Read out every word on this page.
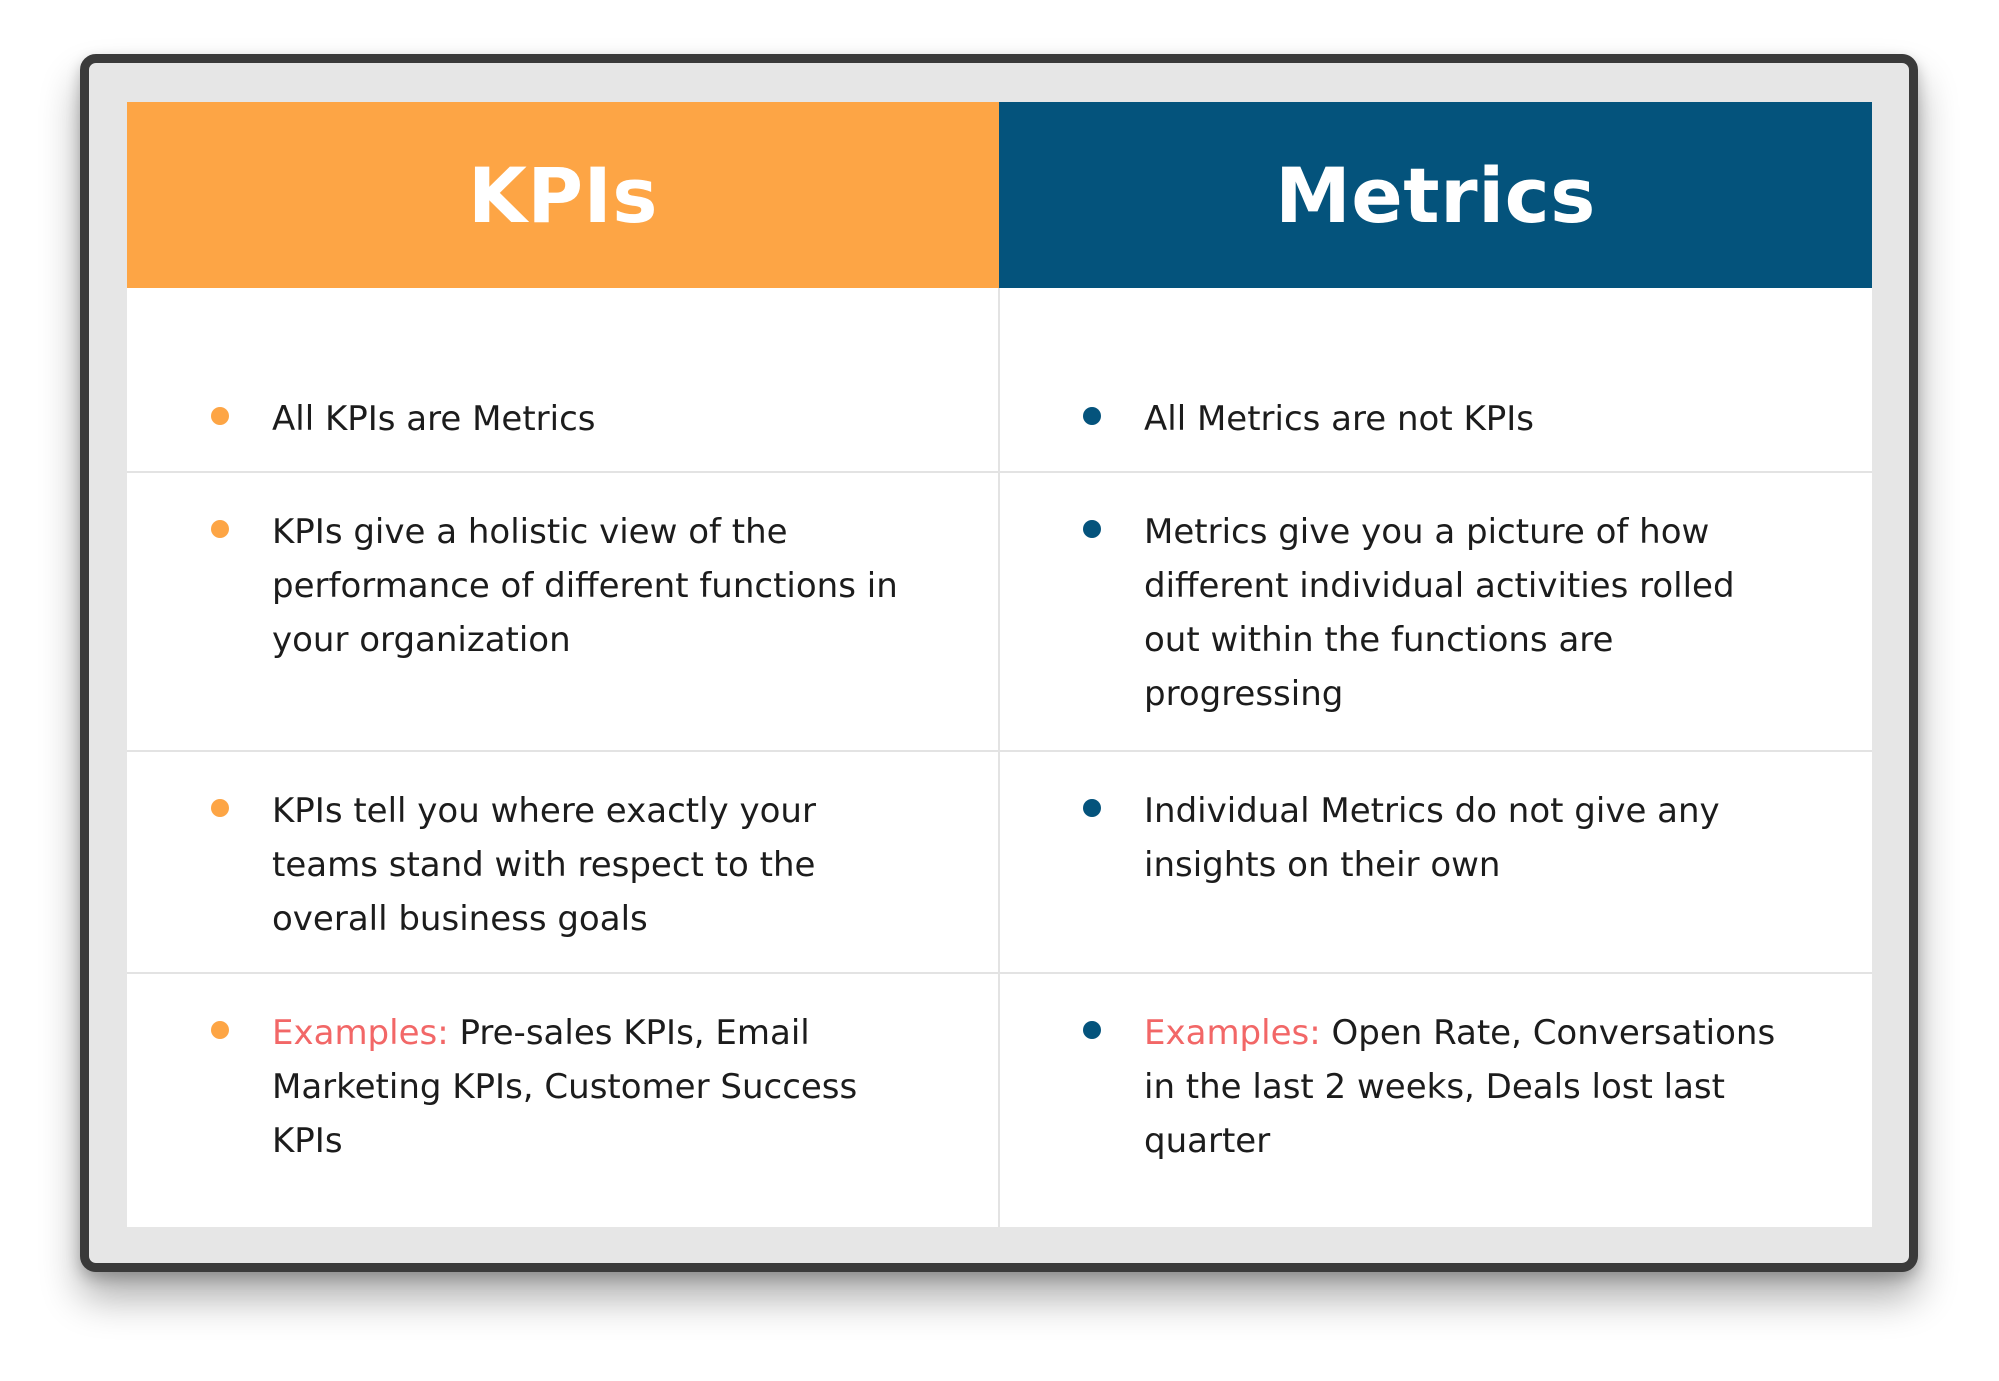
KPIs	Metrics
All KPIs are Metrics
KPIs give a holistic view of the performance of different functions in your organization
KPIs tell you where exactly your teams stand with respect to the overall business goals
Examples: Pre-sales KPIs, Email Marketing KPIs, Customer Success KPIs
All Metrics are not KPIs
Metrics give you a picture of how different individual activities rolled out within the functions are progressing
Individual Metrics do not give any insights on their own
Examples: Open Rate, Conversations in the last 2 weeks, Deals lost last quarter
